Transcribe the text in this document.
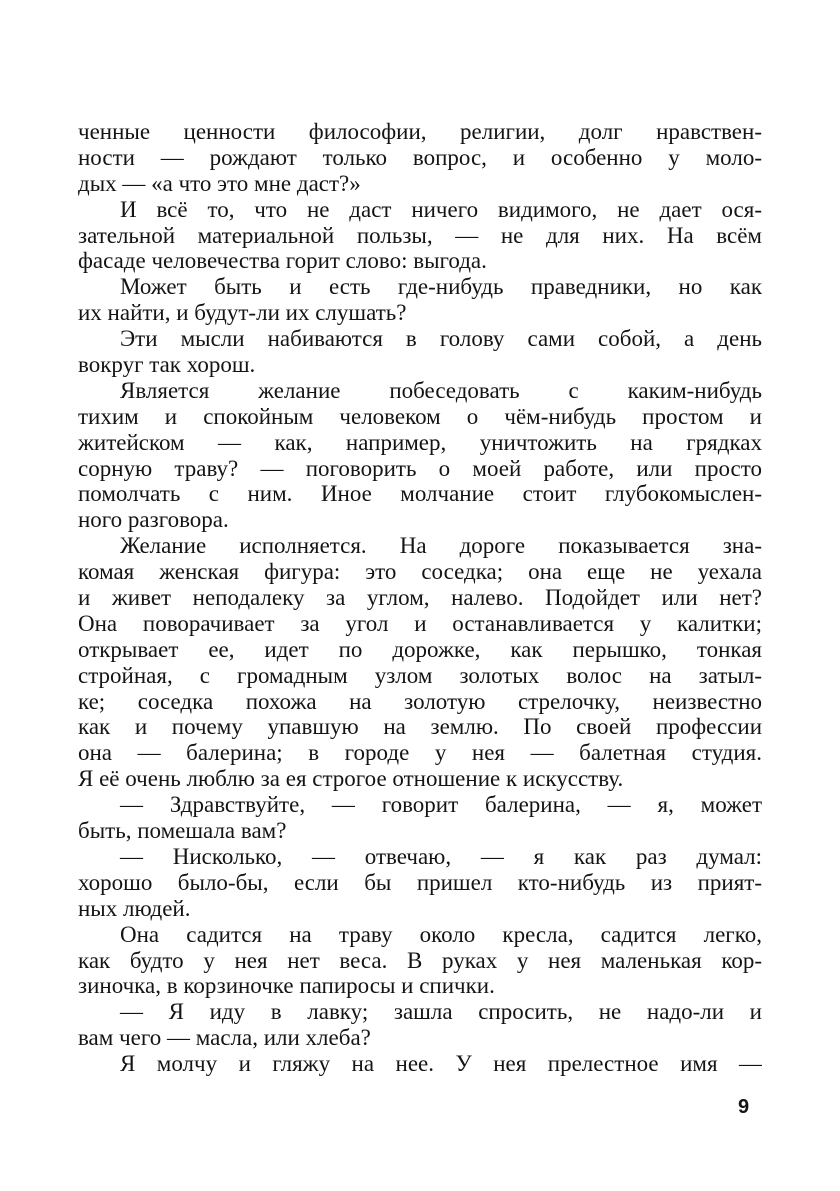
ченные ценности философии, религии, долг нравствен-
ности — рождают только вопрос, и особенно у моло-
дых — «а что это мне даст?»
И всё то, что не даст ничего видимого, не дает ося-
зательной материальной пользы, — не для них. На всём
фасаде человечества горит слово: выгода.
Может быть и есть где-нибудь праведники, но как
их найти, и будут-ли их слушать?
Эти мысли набиваются в голову сами собой, а день
вокруг так хорош.
Является желание побеседовать с каким-нибудь
тихим и спокойным человеком о чём-нибудь простом и
житейском — как, например, уничтожить на грядках
сорную траву? — поговорить о моей работе, или просто
помолчать с ним. Иное молчание стоит глубокомыслен-
ного разговора.
Желание исполняется. На дороге показывается зна-
комая женская фигура: это соседка; она еще не уехала
и живет неподалеку за углом, налево. Подойдет или нет?
Она поворачивает за угол и останавливается у калитки;
открывает ее, идет по дорожке, как перышко, тонкая
стройная, с громадным узлом золотых волос на затыл-
ке; соседка похожа на золотую стрелочку, неизвестно
как и почему упавшую на землю. По своей профессии
она — балерина; в городе у нея — балетная студия.
Я её очень люблю за ея строгое отношение к искусству.
— Здравствуйте, — говорит балерина, — я, может
быть, помешала вам?
— Нисколько, — отвечаю, — я как раз думал:
хорошо было-бы, если бы пришел кто-нибудь из прият-
ных людей.
Она садится на траву около кресла, садится легко,
как будто у нея нет веса. В руках у нея маленькая кор-
зиночка, в корзиночке папиросы и спички.
— Я иду в лавку; зашла спросить, не надо-ли и
вам чего — масла, или хлеба?
Я молчу и гляжу на нее. У нея прелестное имя —
9
